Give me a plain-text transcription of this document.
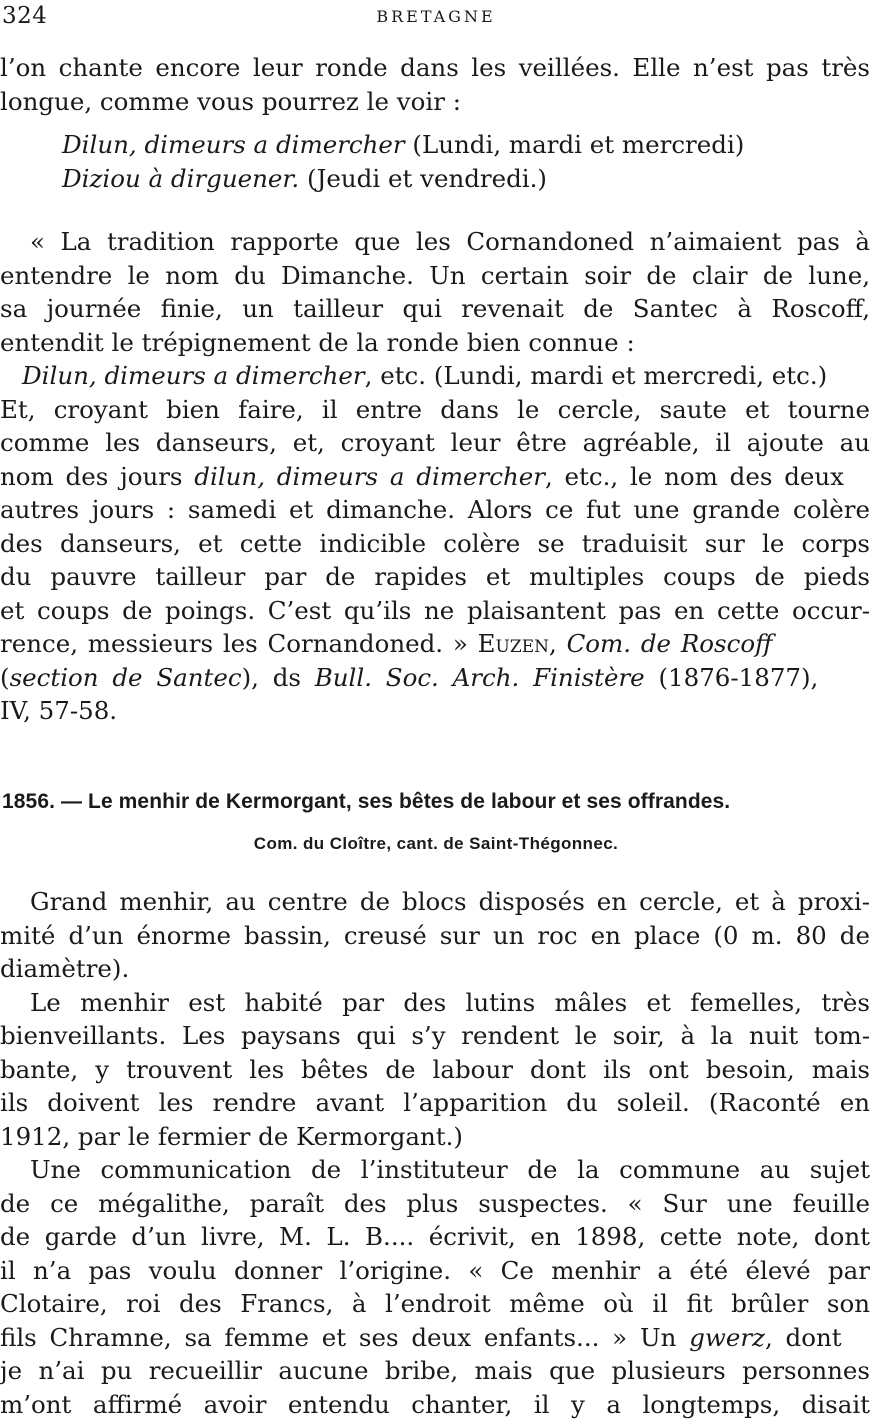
324	BRETAGNE
l’on chante encore leur ronde dans les veillées. Elle n’est pas très
longue, comme vous pourrez le voir :
Dilun, dimeurs a dimercher (Lundi, mardi et mercredi)
Diziou à dirguener. (Jeudi et vendredi.)
« La tradition rapporte que les Cornandoned n’aimaient pas à
entendre le nom du Dimanche. Un certain soir de clair de lune,
sa journée finie, un tailleur qui revenait de Santec à Roscoff,
entendit le trépignement de la ronde bien connue :
Dilun, dimeurs a dimercher, etc. (Lundi, mardi et mercredi, etc.)
Et, croyant bien faire, il entre dans le cercle, saute et tourne
comme les danseurs, et, croyant leur être agréable, il ajoute au
nom des jours dilun, dimeurs a dimercher, etc., le nom des deux
autres jours : samedi et dimanche. Alors ce fut une grande colère
des danseurs, et cette indicible colère se traduisit sur le corps
du pauvre tailleur par de rapides et multiples coups de pieds
et coups de poings. C’est qu’ils ne plaisantent pas en cette occur-
rence, messieurs les Cornandoned. » Euzen, Com. de Roscoff
(section de Santec), ds Bull. Soc. Arch. Finistère (1876-1877),
IV, 57-58.
1856. — Le menhir de Kermorgant, ses bêtes de labour et ses offrandes.
Com. du Cloître, cant. de Saint-Thégonnec.
Grand menhir, au centre de blocs disposés en cercle, et à proxi-
mité d’un énorme bassin, creusé sur un roc en place (0 m. 80 de
diamètre).
Le menhir est habité par des lutins mâles et femelles, très
bienveillants. Les paysans qui s’y rendent le soir, à la nuit tom-
bante, y trouvent les bêtes de labour dont ils ont besoin, mais
ils doivent les rendre avant l’apparition du soleil. (Raconté en
1912, par le fermier de Kermorgant.)
Une communication de l’instituteur de la commune au sujet
de ce mégalithe, paraît des plus suspectes. « Sur une feuille
de garde d’un livre, M. L. B.... écrivit, en 1898, cette note, dont
il n’a pas voulu donner l’origine. « Ce menhir a été élevé par
Clotaire, roi des Francs, à l’endroit même où il fit brûler son
fils Chramne, sa femme et ses deux enfants... » Un gwerz, dont
je n’ai pu recueillir aucune bribe, mais que plusieurs personnes
m’ont affirmé avoir entendu chanter, il y a longtemps, disait
